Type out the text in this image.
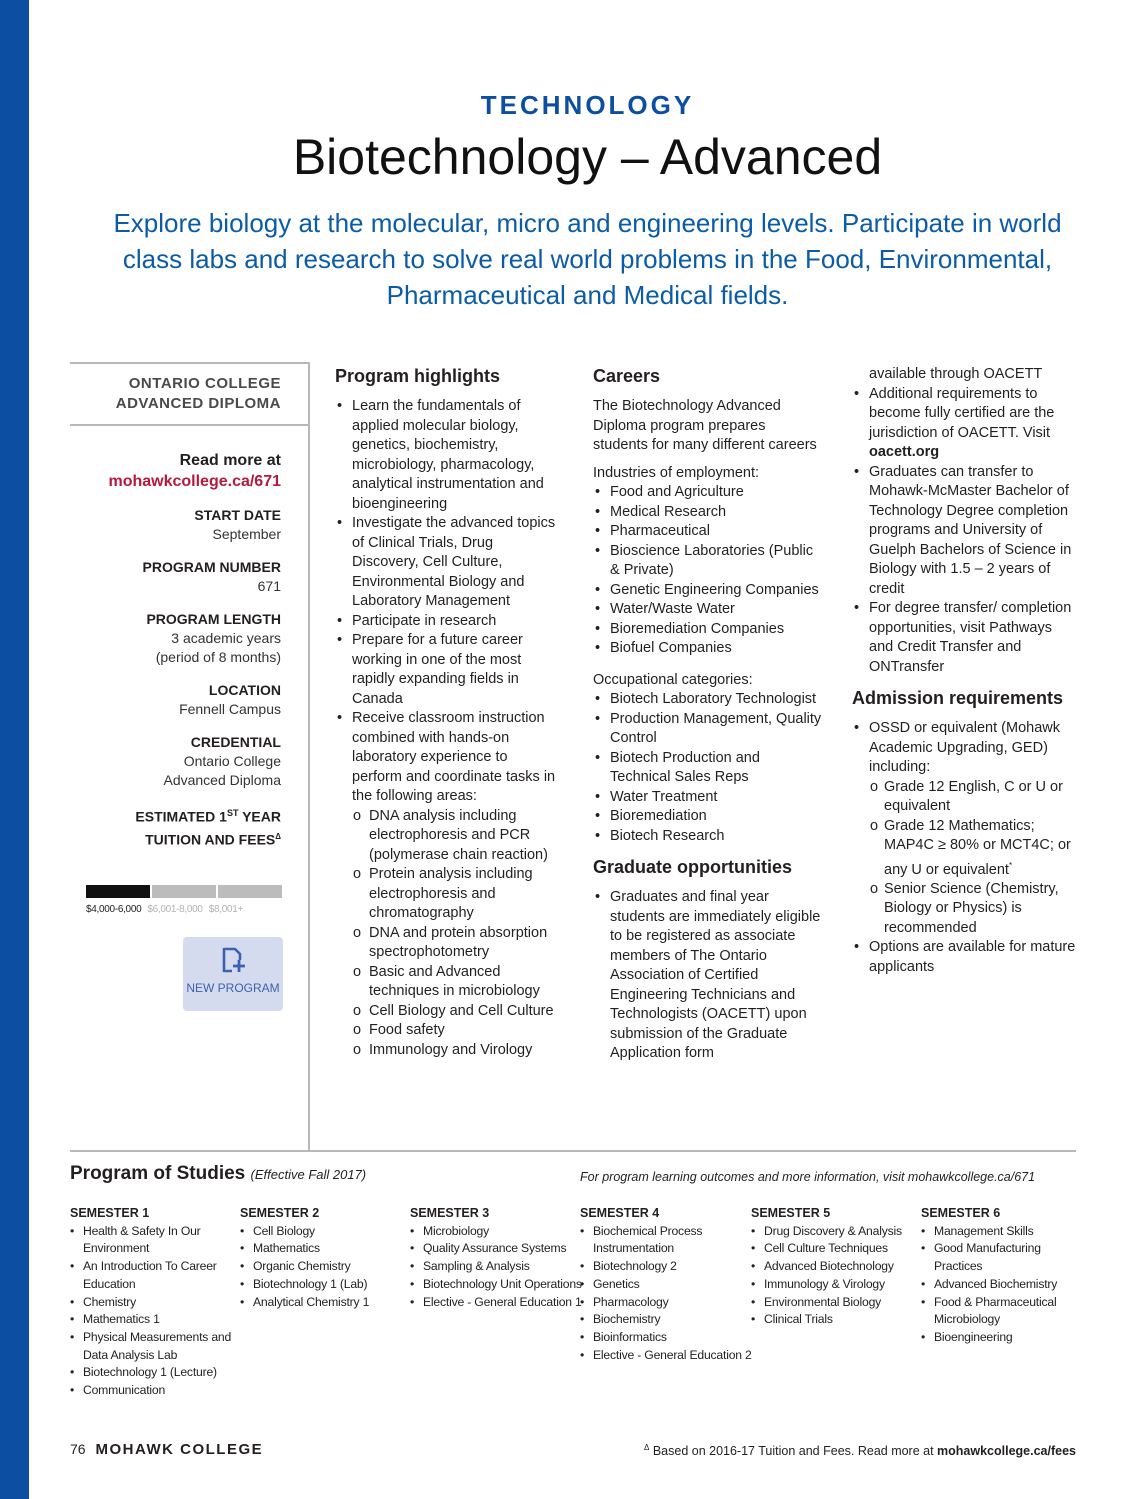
TECHNOLOGY
Biotechnology – Advanced
Explore biology at the molecular, micro and engineering levels. Participate in world class labs and research to solve real world problems in the Food, Environmental, Pharmaceutical and Medical fields.
ONTARIO COLLEGE
ADVANCED DIPLOMA
Read more at
mohawkcollege.ca/671
START DATE
September
PROGRAM NUMBER
671
PROGRAM LENGTH
3 academic years
(period of 8 months)
LOCATION
Fennell Campus
CREDENTIAL
Ontario College
Advanced Diploma
ESTIMATED 1ST YEAR
TUITION AND $FEES^\Delta$
$4,000-6,000 $6,001-8,000 $8,001+
NEW PROGRAM
Program highlights
• Learn the fundamentals of applied molecular biology, genetics, biochemistry, microbiology, pharmacology, analytical instrumentation and bioengineering
• Investigate the advanced topics of Clinical Trials, Drug Discovery, Cell Culture, Environmental Biology and Laboratory Management
• Participate in research
• Prepare for a future career working in one of the most rapidly expanding fields in Canada
• Receive classroom instruction combined with hands-on laboratory experience to perform and coordinate tasks in the following areas:
o DNA analysis including electrophoresis and PCR (polymerase chain reaction)
o Protein analysis including electrophoresis and chromatography
o DNA and protein absorption spectrophotometry
o Basic and Advanced techniques in microbiology
o Cell Biology and Cell Culture
o Food safety
o Immunology and Virology
Careers
The Biotechnology Advanced Diploma program prepares students for many different careers
Industries of employment:
• Food and Agriculture
• Medical Research
• Pharmaceutical
• Bioscience Laboratories (Public & Private)
• Genetic Engineering Companies
• Water/Waste Water
• Bioremediation Companies
• Biofuel Companies
Occupational categories:
• Biotech Laboratory Technologist
• Production Management, Quality Control
• Biotech Production and Technical Sales Reps
• Water Treatment
• Bioremediation
• Biotech Research
Graduate opportunities
• Graduates and final year students are immediately eligible to be registered as associate members of The Ontario Association of Certified Engineering Technicians and Technologists (OACETT) upon submission of the Graduate Application form
available through OACETT
• Additional requirements to become fully certified are the jurisdiction of OACETT. Visit oacett.org
• Graduates can transfer to Mohawk-McMaster Bachelor of Technology Degree completion programs and University of Guelph Bachelors of Science in Biology with 1.5 – 2 years of credit
• For degree transfer/ completion opportunities, visit Pathways and Credit Transfer and ONTransfer
Admission requirements
• OSSD or equivalent (Mohawk Academic Upgrading, GED) including:
o Grade 12 English, C or U or equivalent
o Grade 12 Mathematics; MAP4C ≥ 80% or MCT4C; or any U or equivalent*
o Senior Science (Chemistry, Biology or Physics) is recommended
• Options are available for mature applicants
Program of Studies (Effective Fall 2017)	For program learning outcomes and more information, visit mohawkcollege.ca/671
SEMESTER 1
• Health & Safety In Our Environment
• An Introduction To Career Education
• Chemistry
• Mathematics 1
• Physical Measurements and Data Analysis Lab
• Biotechnology 1 (Lecture)
• Communication
SEMESTER 2
• Cell Biology
• Mathematics
• Organic Chemistry
• Biotechnology 1 (Lab)
• Analytical Chemistry 1
SEMESTER 3
• Microbiology
• Quality Assurance Systems
• Sampling & Analysis
• Biotechnology Unit Operations
• Elective - General Education 1
SEMESTER 4
• Biochemical Process Instrumentation
• Biotechnology 2
• Genetics
• Pharmacology
• Biochemistry
• Bioinformatics
• Elective - General Education 2
SEMESTER 5
• Drug Discovery & Analysis
• Cell Culture Techniques
• Advanced Biotechnology
• Immunology & Virology
• Environmental Biology
• Clinical Trials
SEMESTER 6
• Management Skills
• Good Manufacturing Practices
• Advanced Biochemistry
• Food & Pharmaceutical Microbiology
• Bioengineering
76 MOHAWK COLLEGE	$^\Delta$ Based on 2016-17 Tuition and Fees. Read more at mohawkcollege.ca/fees
